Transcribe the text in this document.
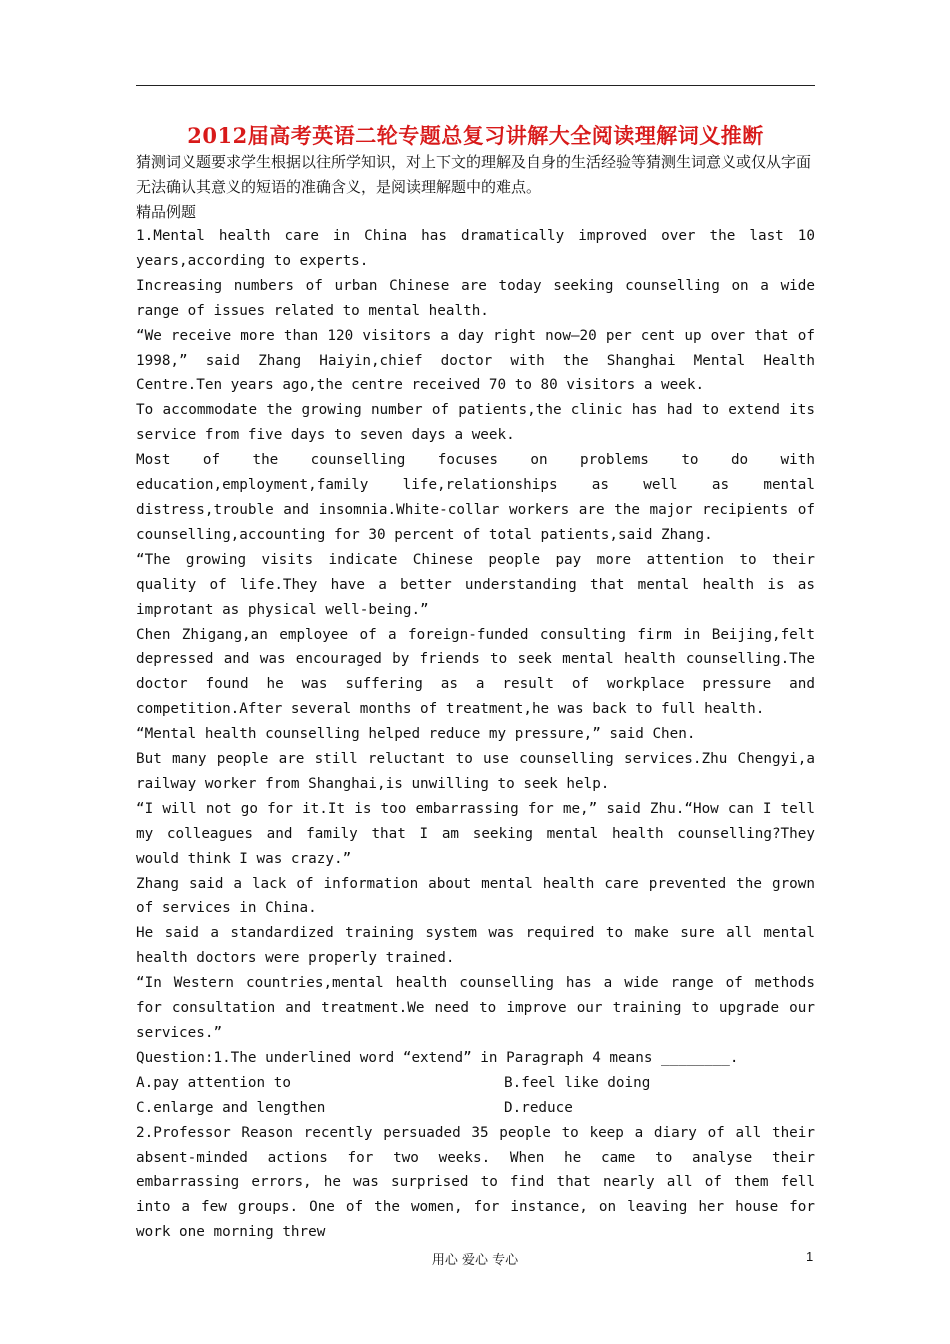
2012届高考英语二轮专题总复习讲解大全阅读理解词义推断

猜测词义题要求学生根据以往所学知识，对上下文的理解及自身的生活经验等猜测生词意义或仅从字面无法确认其意义的短语的准确含义，是阅读理解题中的难点。

精品例题

1.Mental health care in China has dramatically improved over the last 10 years,according to experts.

Increasing numbers of urban Chinese are today seeking counselling on a wide range of issues related to mental health.

“We receive more than 120 visitors a day right now—20 per cent up over that of 1998,” said Zhang Haiyin,chief doctor with the Shanghai Mental Health Centre.Ten years ago,the centre received 70 to 80 visitors a week.

To accommodate the growing number of patients,the clinic has had to extend its service from five days to seven days a week.

Most of the counselling focuses on problems to do with education,employment,family life,relationships as well as mental distress,trouble and insomnia.White-collar workers are the major recipients of counselling,accounting for 30 percent of total patients,said Zhang.

“The growing visits indicate Chinese people pay more attention to their quality of life.They have a better understanding that mental health is as improtant as physical well-being.”

Chen Zhigang,an employee of a foreign-funded consulting firm in Beijing,felt depressed and was encouraged by friends to seek mental health counselling.The doctor found he was suffering as a result of workplace pressure and competition.After several months of treatment,he was back to full health.

“Mental health counselling helped reduce my pressure,” said Chen.

But many people are still reluctant to use counselling services.Zhu Chengyi,a railway worker from Shanghai,is unwilling to seek help.

“I will not go for it.It is too embarrassing for me,” said Zhu.“How can I tell my colleagues and family that I am seeking mental health counselling?They would think I was crazy.”

Zhang said a lack of information about mental health care prevented the grown of services in China.

He said a standardized training system was required to make sure all mental health doctors were properly trained.

“In Western countries,mental health counselling has a wide range of methods for consultation and treatment.We need to improve our training to upgrade our services.”

Question:1.The underlined word “extend” in Paragraph 4 means ________.

A.pay attention to	B.feel like doing
C.enlarge and lengthen	D.reduce

2.Professor Reason recently persuaded 35 people to keep a diary of all their absent-minded actions for two weeks. When he came to analyse their embarrassing errors, he was surprised to find that nearly all of them fell into a few groups. One of the women, for instance, on leaving her house for work one morning threw

用心 爱心 专心	1
